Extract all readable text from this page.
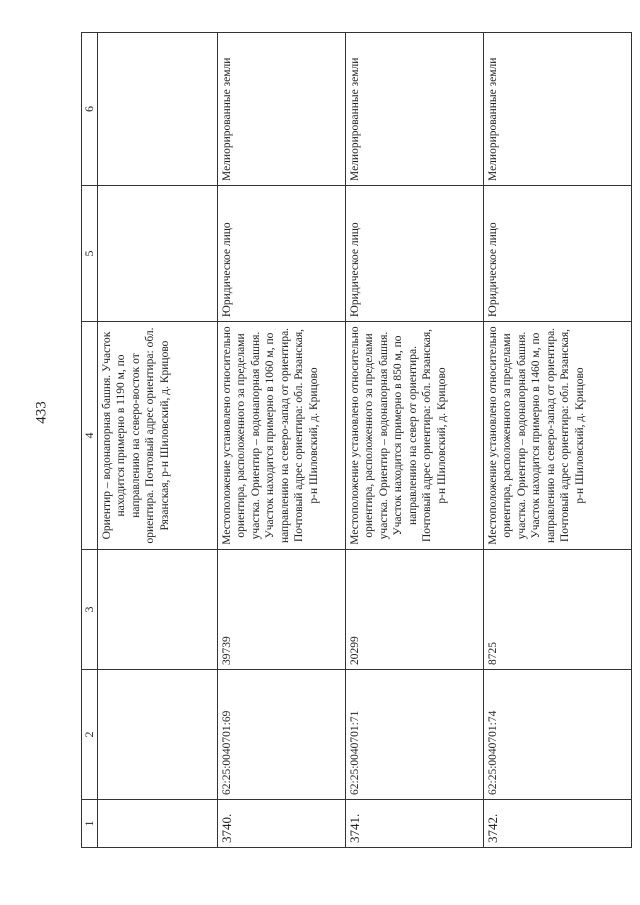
433
1	2	3	4	5	6
			Ориентир – водонапорная башня. Участок находится примерно в 1190 м, по направлению на северо-восток от ориентира. Почтовый адрес ориентира: обл. Рязанская, р-н Шиловский, д. Крицово		
3740.	62:25:0040701:69	39739	Местоположение установлено относительно ориентира, расположенного за пределами участка. Ориентир – водонапорная башня. Участок находится примерно в 1060 м, по направлению на северо-запад от ориентира. Почтовый адрес ориентира: обл. Рязанская, р-н Шиловский, д. Крицово	Юридическое лицо	Мелиорированные земли
3741.	62:25:0040701:71	20299	Местоположение установлено относительно ориентира, расположенного за пределами участка. Ориентир – водонапорная башня. Участок находится примерно в 850 м, по направлению на север от ориентира. Почтовый адрес ориентира: обл. Рязанская, р-н Шиловский, д. Крицово	Юридическое лицо	Мелиорированные земли
3742.	62:25:0040701:74	8725	Местоположение установлено относительно ориентира, расположенного за пределами участка. Ориентир – водонапорная башня. Участок находится примерно в 1460 м, по направлению на северо-запад от ориентира. Почтовый адрес ориентира: обл. Рязанская, р-н Шиловский, д. Крицово	Юридическое лицо	Мелиорированные земли
